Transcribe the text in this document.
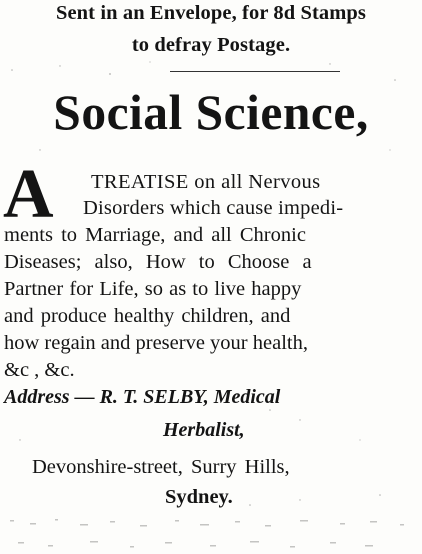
Sent in an Envelope, for 8d Stamps
to defray Postage.
Social Science,
A TREATISE on all Nervous
Disorders which cause impedi-
ments to Marriage, and all Chronic
Diseases; also, How to Choose a
Partner for Life, so as to live happy
and produce healthy children, and
how regain and preserve your health,
&c , &c.
Address — R. T. SELBY, Medical
Herbalist,
Devonshire-street, Surry Hills,
Sydney.
